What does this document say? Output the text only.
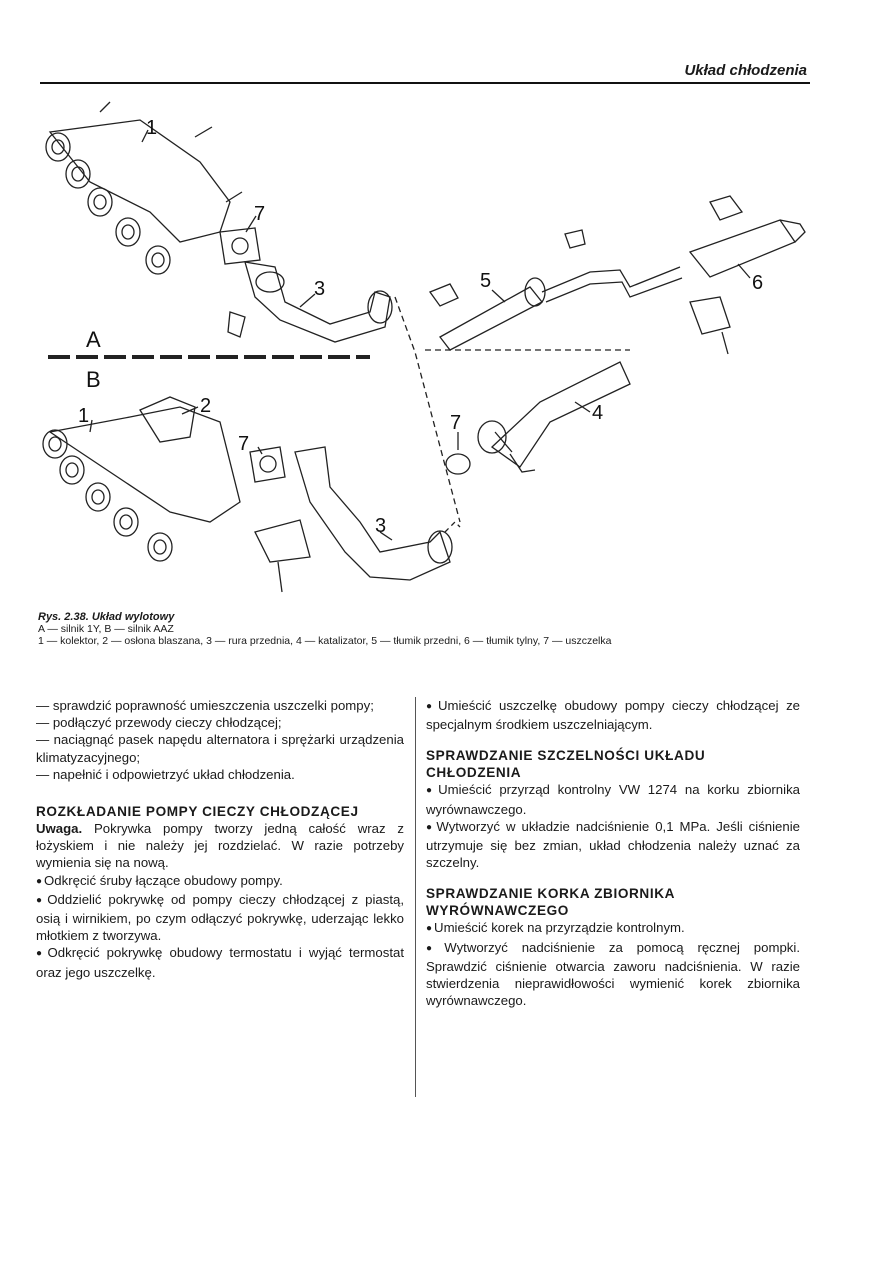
Układ chłodzenia
1
7
3	5	6
4
7
1	2
7
3
A
B
Rys. 2.38. Układ wylotowy
A — silnik 1Y, B — silnik AAZ
1 — kolektor, 2 — osłona blaszana, 3 — rura przednia, 4 — katalizator, 5 — tłumik przedni, 6 — tłumik tylny, 7 — uszczelka

— sprawdzić poprawność umieszczenia uszczelki pompy;

— podłączyć przewody cieczy chłodzącej;

— naciągnąć pasek napędu alternatora i sprężarki urządzenia klimatyzacyjnego;

— napełnić i odpowietrzyć układ chłodzenia.

ROZKŁADANIE POMPY CIECZY CHŁODZĄCEJ

Uwaga. Pokrywka pompy tworzy jedną całość wraz z łożyskiem i nie należy jej rozdzielać. W razie potrzeby wymienia się na nową.

● Odkręcić śruby łączące obudowy pompy.

● Oddzielić pokrywkę od pompy cieczy chłodzącej z piastą, osią i wirnikiem, po czym odłączyć pokrywkę, uderzając lekko młotkiem z tworzywa.

● Odkręcić pokrywkę obudowy termostatu i wyjąć termostat oraz jego uszczelkę.

● Umieścić uszczelkę obudowy pompy cieczy chłodzącej ze specjalnym środkiem uszczelniającym.

SPRAWDZANIE SZCZELNOŚCI UKŁADU CHŁODZENIA

● Umieścić przyrząd kontrolny VW 1274 na korku zbiornika wyrównawczego.

● Wytworzyć w układzie nadciśnienie 0,1 MPa. Jeśli ciśnienie utrzymuje się bez zmian, układ chłodzenia należy uznać za szczelny.

SPRAWDZANIE KORKA ZBIORNIKA WYRÓWNAWCZEGO

● Umieścić korek na przyrządzie kontrolnym.

● Wytworzyć nadciśnienie za pomocą ręcznej pompki. Sprawdzić ciśnienie otwarcia zaworu nadciśnienia. W razie stwierdzenia nieprawidłowości wymienić korek zbiornika wyrównawczego.
